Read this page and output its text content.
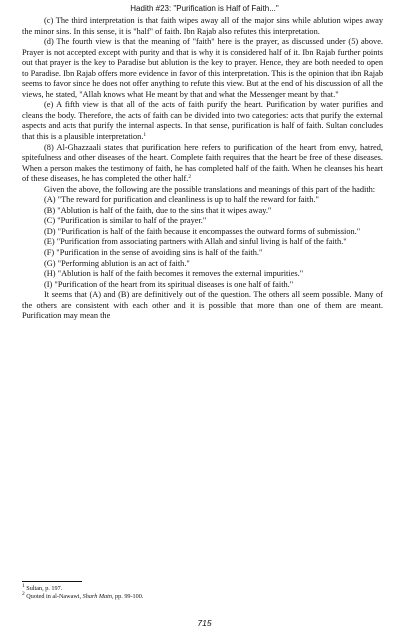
Hadith #23: "Purification is Half of Faith..."

(c) The third interpretation is that faith wipes away all of the major sins while ablution wipes away the minor sins. In this sense, it is "half" of faith. Ibn Rajab also refutes this interpretation.

(d) The fourth view is that the meaning of "faith" here is the prayer, as discussed under (5) above. Prayer is not accepted except with purity and that is why it is considered half of it. Ibn Rajab further points out that prayer is the key to Paradise but ablution is the key to prayer. Hence, they are both needed to open to Paradise. Ibn Rajab offers more evidence in favor of this interpretation. This is the opinion that ibn Rajab seems to favor since he does not offer anything to refute this view. But at the end of his discussion of all the views, he stated, "Allah knows what He meant by that and what the Messenger meant by that."

(e) A fifth view is that all of the acts of faith purify the heart. Purification by water purifies and cleans the body. Therefore, the acts of faith can be divided into two categories: acts that purify the external aspects and acts that purify the internal aspects. In that sense, purification is half of faith. Sultan concludes that this is a plausible interpretation.$^1$

(8) Al-Ghazzaali states that purification here refers to purification of the heart from envy, hatred, spitefulness and other diseases of the heart. Complete faith requires that the heart be free of these diseases. When a person makes the testimony of faith, he has completed half of the faith. When he cleanses his heart of these diseases, he has completed the other half.$^2$

Given the above, the following are the possible translations and meanings of this part of the hadith:

(A) "The reward for purification and cleanliness is up to half the reward for faith."

(B) "Ablution is half of the faith, due to the sins that it wipes away."

(C) "Purification is similar to half of the prayer."

(D) "Purification is half of the faith because it encompasses the outward forms of submission."

(E) "Purification from associating partners with Allah and sinful living is half of the faith."

(F) "Purification in the sense of avoiding sins is half of the faith."

(G) "Performing ablution is an act of faith."

(H) "Ablution is half of the faith becomes it removes the external impurities."

(I) "Purification of the heart from its spiritual diseases is one half of faith."

It seems that (A) and (B) are definitively out of the question. The others all seem possible. Many of the others are consistent with each other and it is possible that more than one of them are meant. Purification may mean the

$^1$ Sultan, p. 197.
$^2$ Quoted in al-Nawawi, Sharh Matn, pp. 99-100.
715
